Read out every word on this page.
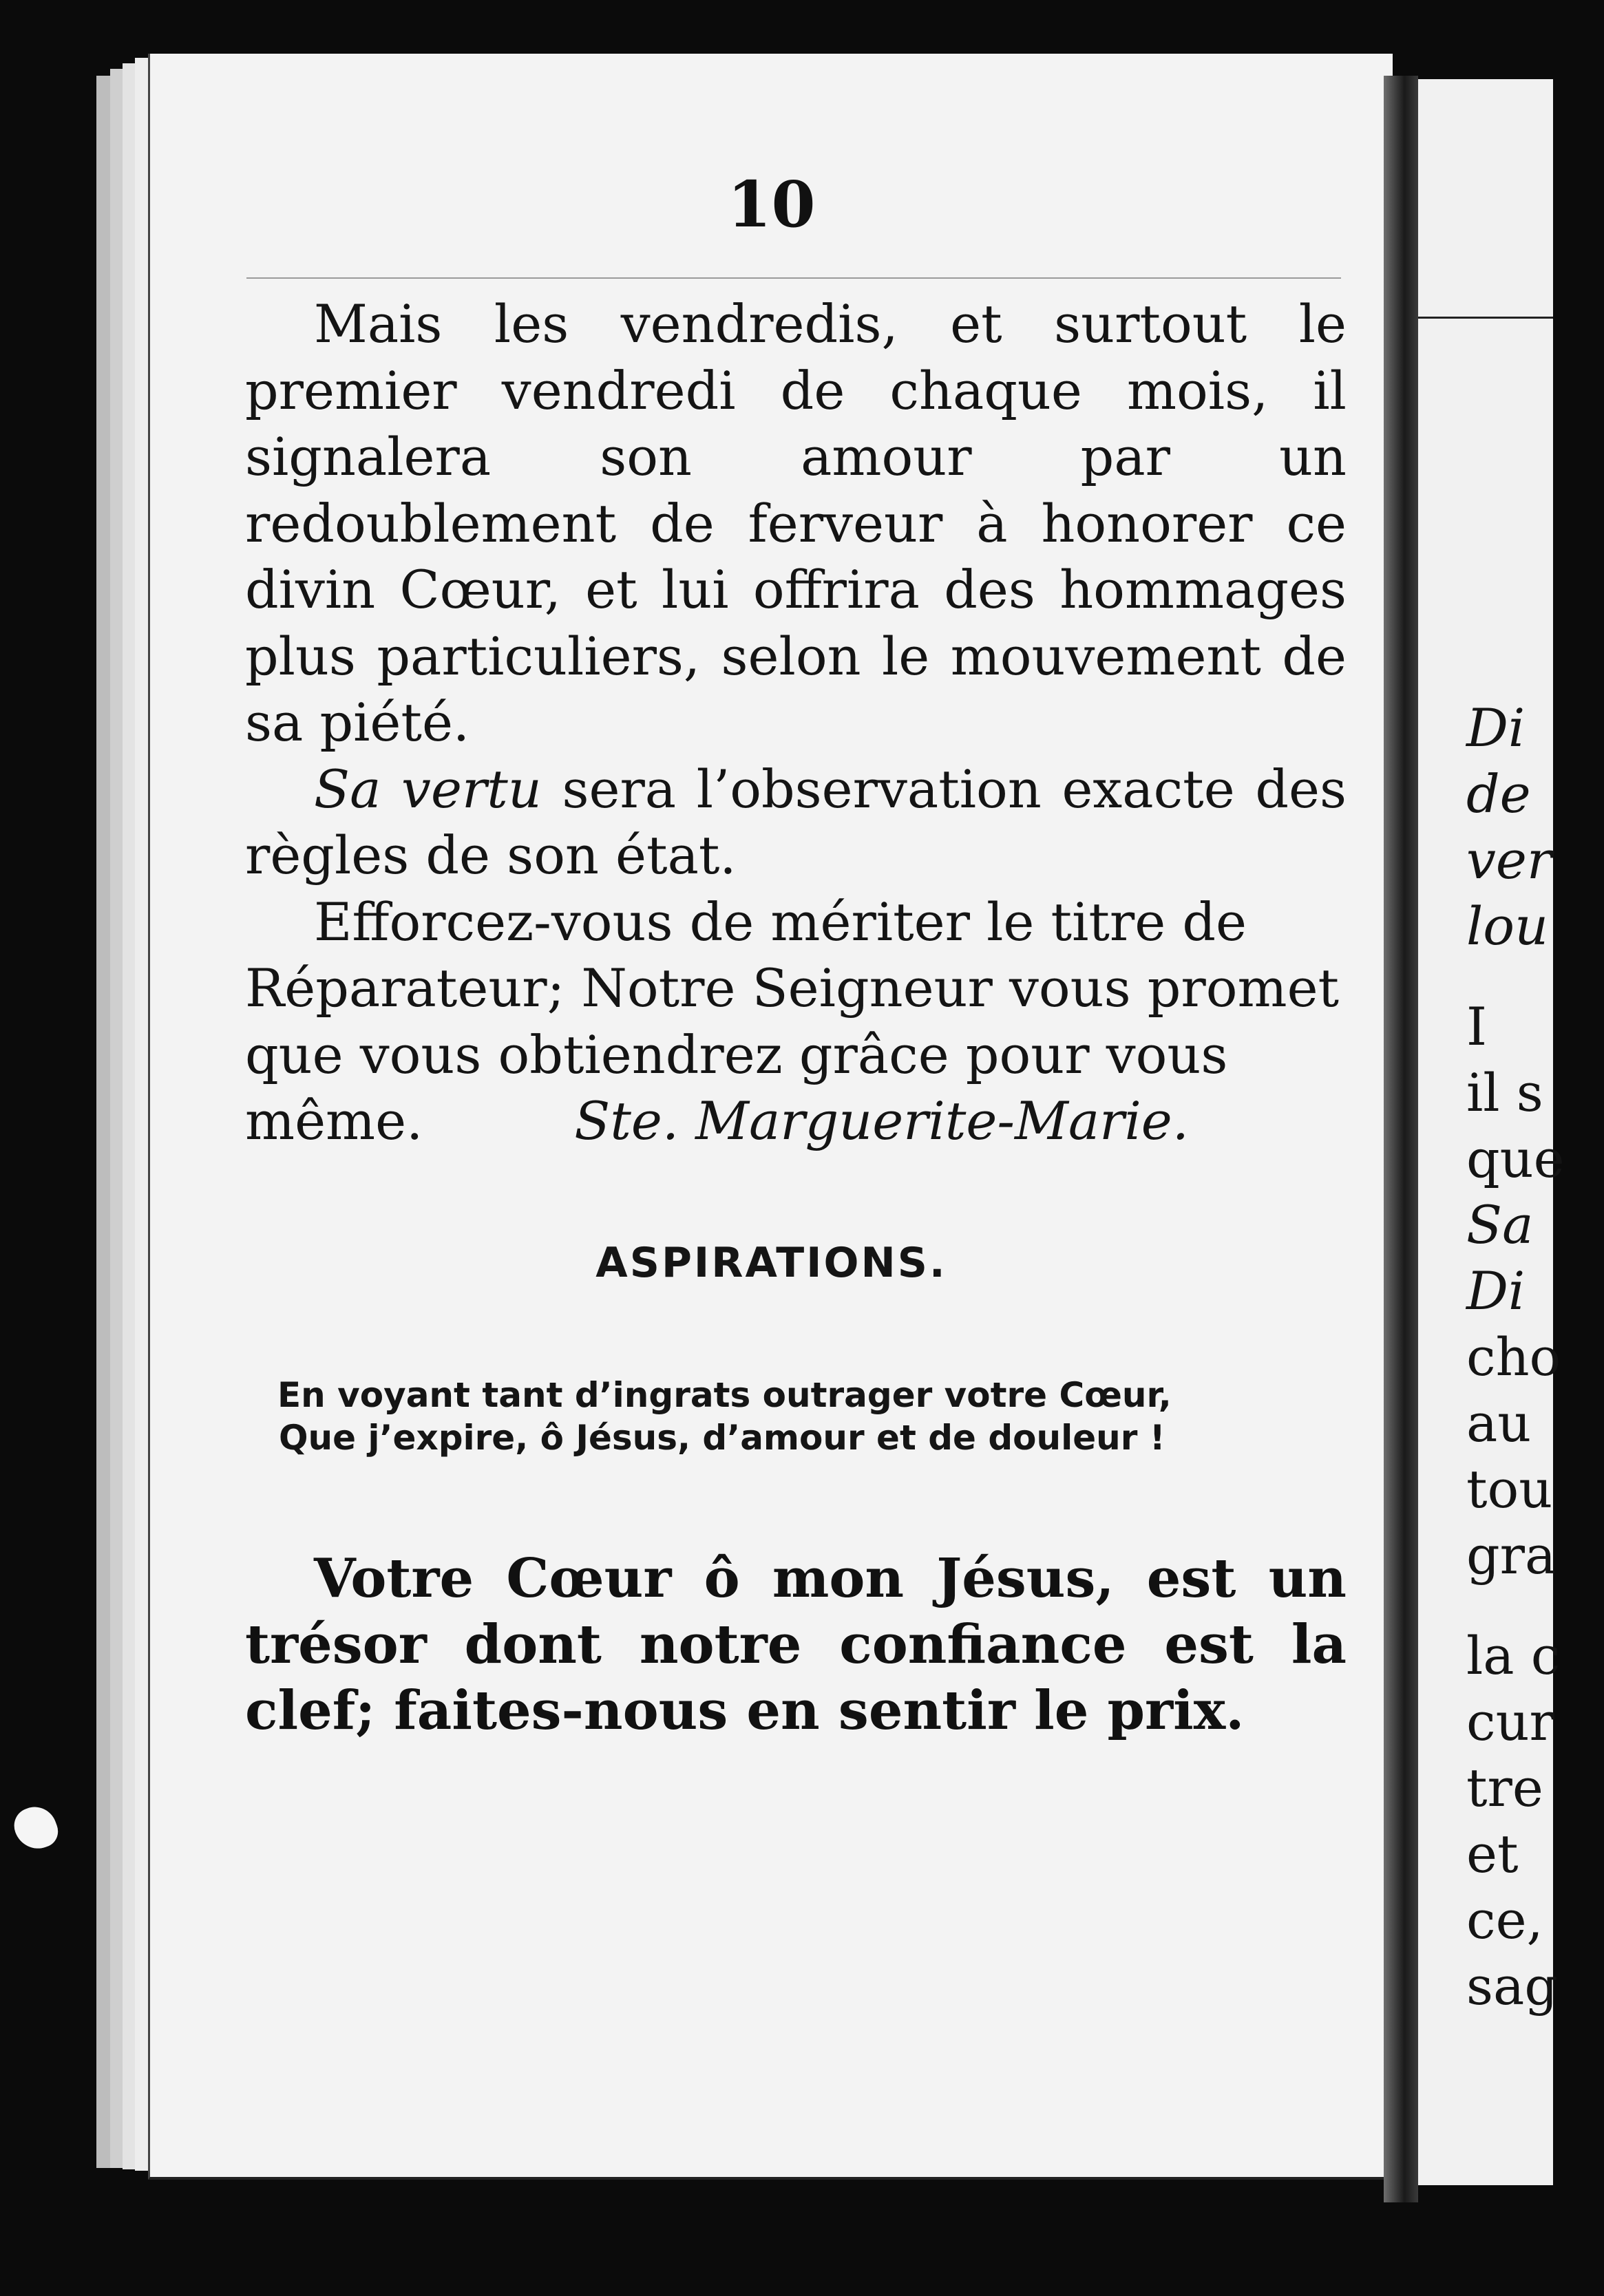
10

Mais les vendredis, et surtout le premier vendredi de chaque mois, il signalera son amour par un redoublement de ferveur à honorer ce divin Cœur, et lui offrira des hommages plus particuliers, selon le mouvement de sa piété.

Sa vertu sera l’observation exacte des règles de son état.

Efforcez-vous de mériter le titre de Réparateur; Notre Seigneur vous promet que vous obtiendrez grâce pour vous même.	Ste. Marguerite-Marie.

ASPIRATIONS.
En voyant tant d’ingrats outrager votre Cœur,
Que j’expire, ô Jésus, d’amour et de douleur !

Votre Cœur ô mon Jésus, est un trésor dont notre confiance est la clef; faites-nous en sentir le prix.

Di
de
ver
lou
I
il s
que
Sa
Di
cho
au
tou
gra
la c
cur
tre
et
ce,
sag
